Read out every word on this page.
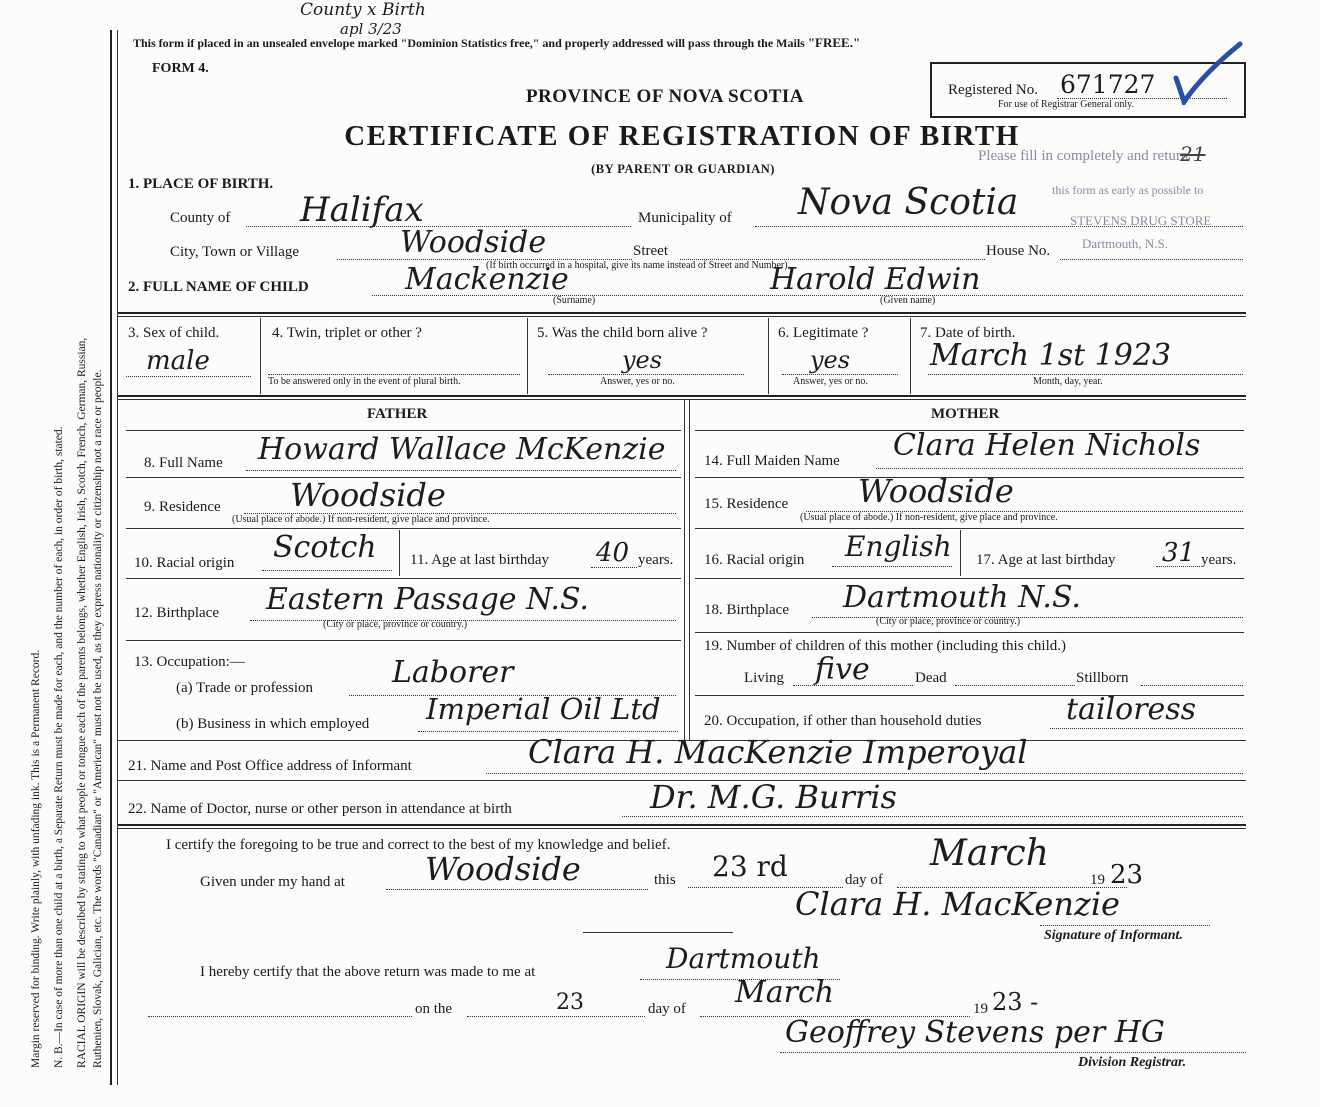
Margin reserved for binding. Write plainly, with unfading ink. This is a Permanent Record. N. B.—In case of more than one child at a birth, a Separate Return must be made for each, and the number of each, in order of birth, stated. RACIAL ORIGIN will be described by stating to what people or tongue each of the parents belongs, whether English, Irish, Scotch, French, German, Russian, Ruthenien, Slovak, Galician, etc. The words "Canadian" or "American" must not be used, as they express nationality or citizenship not a race or people.
County x Birth
apl 3/23
This form if placed in an unsealed envelope marked "Dominion Statistics free," and properly addressed will pass through the Mails "FREE."
FORM 4.
Registered No. 671727
For use of Registrar General only.
PROVINCE OF NOVA SCOTIA
CERTIFICATE OF REGISTRATION OF BIRTH
(BY PARENT OR GUARDIAN)
Please fill in completely and return
this form as early as possible to
STEVENS DRUG STORE
Dartmouth, N.S.
21
1. PLACE OF BIRTH.
County of Halifax	Municipality of Nova Scotia
City, Town or Village	Woodside	Street	House No.
(If birth occurred in a hospital, give its name instead of Street and Number)
2. FULL NAME OF CHILD	Mackenzie	Harold Edwin
(Surname)	(Given name)
3. Sex of child.
male
4. Twin, triplet or other ?
To be answered only in the event of plural birth.
5. Was the child born alive ?
yes
Answer, yes or no.
6. Legitimate ?
yes
Answer, yes or no.
7. Date of birth.
March 1st 1923
Month, day, year.
FATHER
8. Full Name Howard Wallace McKenzie
9. Residence Woodside
(Usual place of abode.) If non-resident, give place and province.
10. Racial origin Scotch 11. Age at last birthday 40 years.
12. Birthplace Eastern Passage N.S.
(City or place, province or country.)
13. Occupation:—
(a) Trade or profession	Laborer
(b) Business in which employed Imperial Oil Ltd
MOTHER
14. Full Maiden Name Clara Helen Nichols
15. Residence Woodside
(Usual place of abode.) If non-resident, give place and province.
16. Racial origin English 17. Age at last birthday 31 years.
18. Birthplace Dartmouth N.S.
(City or place, province or country.)
19. Number of children of this mother (including this child.)
Living five	Dead	Stillborn
20. Occupation, if other than household duties	tailoress
21. Name and Post Office address of Informant	Clara H. MacKenzie Imperoyal
22. Name of Doctor, nurse or other person in attendance at birth	Dr. M.G. Burris
I certify the foregoing to be true and correct to the best of my knowledge and belief.
Given under my hand at	Woodside	this 23 rd	day of
March
19 23
Clara H. MacKenzie
Signature of Informant.
I hereby certify that the above return was made to me at	Dartmouth
on the	23	day of March	19 23 -
Geoffrey Stevens per HG
Division Registrar.
